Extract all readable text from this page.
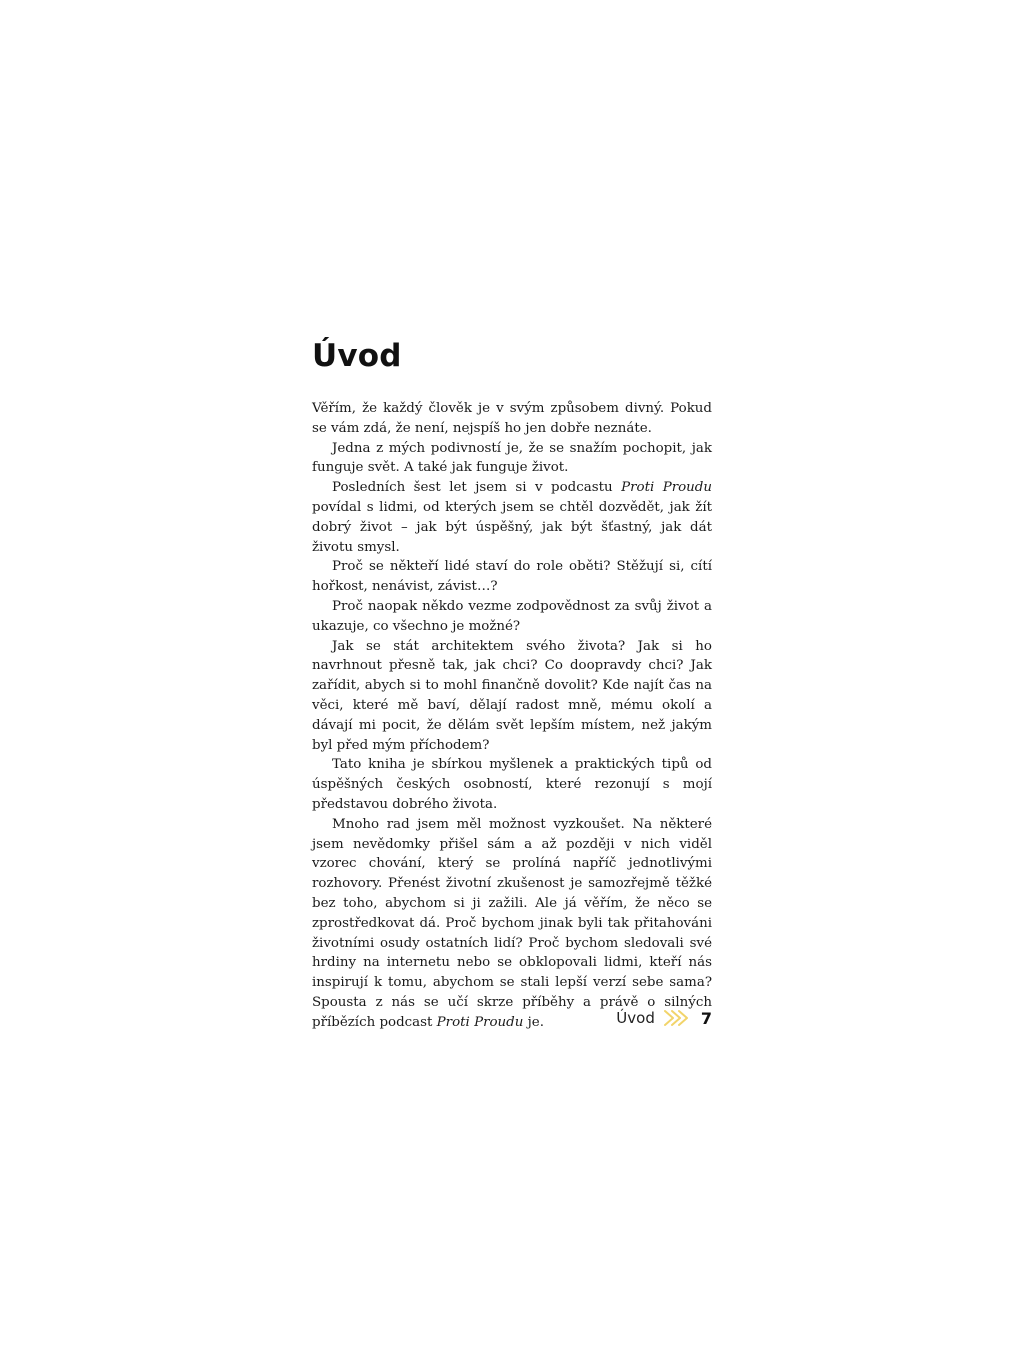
Úvod

Věřím, že každý člověk je v svým způsobem divný. Pokud se vám zdá, že není, nejspíš ho jen dobře neznáte.

Jedna z mých podivností je, že se snažím pochopit, jak funguje svět. A také jak funguje život.

Posledních šest let jsem si v podcastu Proti Proudu povídal s lidmi, od kterých jsem se chtěl dozvědět, jak žít dobrý život – jak být úspěšný, jak být šťastný, jak dát životu smysl.

Proč se někteří lidé staví do role oběti? Stěžují si, cítí hořkost, nenávist, závist…?

Proč naopak někdo vezme zodpovědnost za svůj život a ukazuje, co všechno je možné?

Jak se stát architektem svého života? Jak si ho navrhnout přesně tak, jak chci? Co doopravdy chci? Jak zařídit, abych si to mohl finančně dovolit? Kde najít čas na věci, které mě baví, dělají radost mně, mému okolí a dávají mi pocit, že dělám svět lepším místem, než jakým byl před mým příchodem?

Tato kniha je sbírkou myšlenek a praktických tipů od úspěšných českých osobností, které rezonují s mojí představou dobrého života.

Mnoho rad jsem měl možnost vyzkoušet. Na některé jsem nevědomky přišel sám a až později v nich viděl vzorec chování, který se prolíná napříč jednotlivými rozhovory. Přenést životní zkušenost je samozřejmě těžké bez toho, abychom si ji zažili. Ale já věřím, že něco se zprostředkovat dá. Proč bychom jinak byli tak přitahováni životními osudy ostatních lidí? Proč bychom sledovali své hrdiny na internetu nebo se obklopovali lidmi, kteří nás inspirují k tomu, abychom se stali lepší verzí sebe sama? Spousta z nás se učí skrze příběhy a právě o silných příbězích podcast Proti Proudu je.	Úvod	7
